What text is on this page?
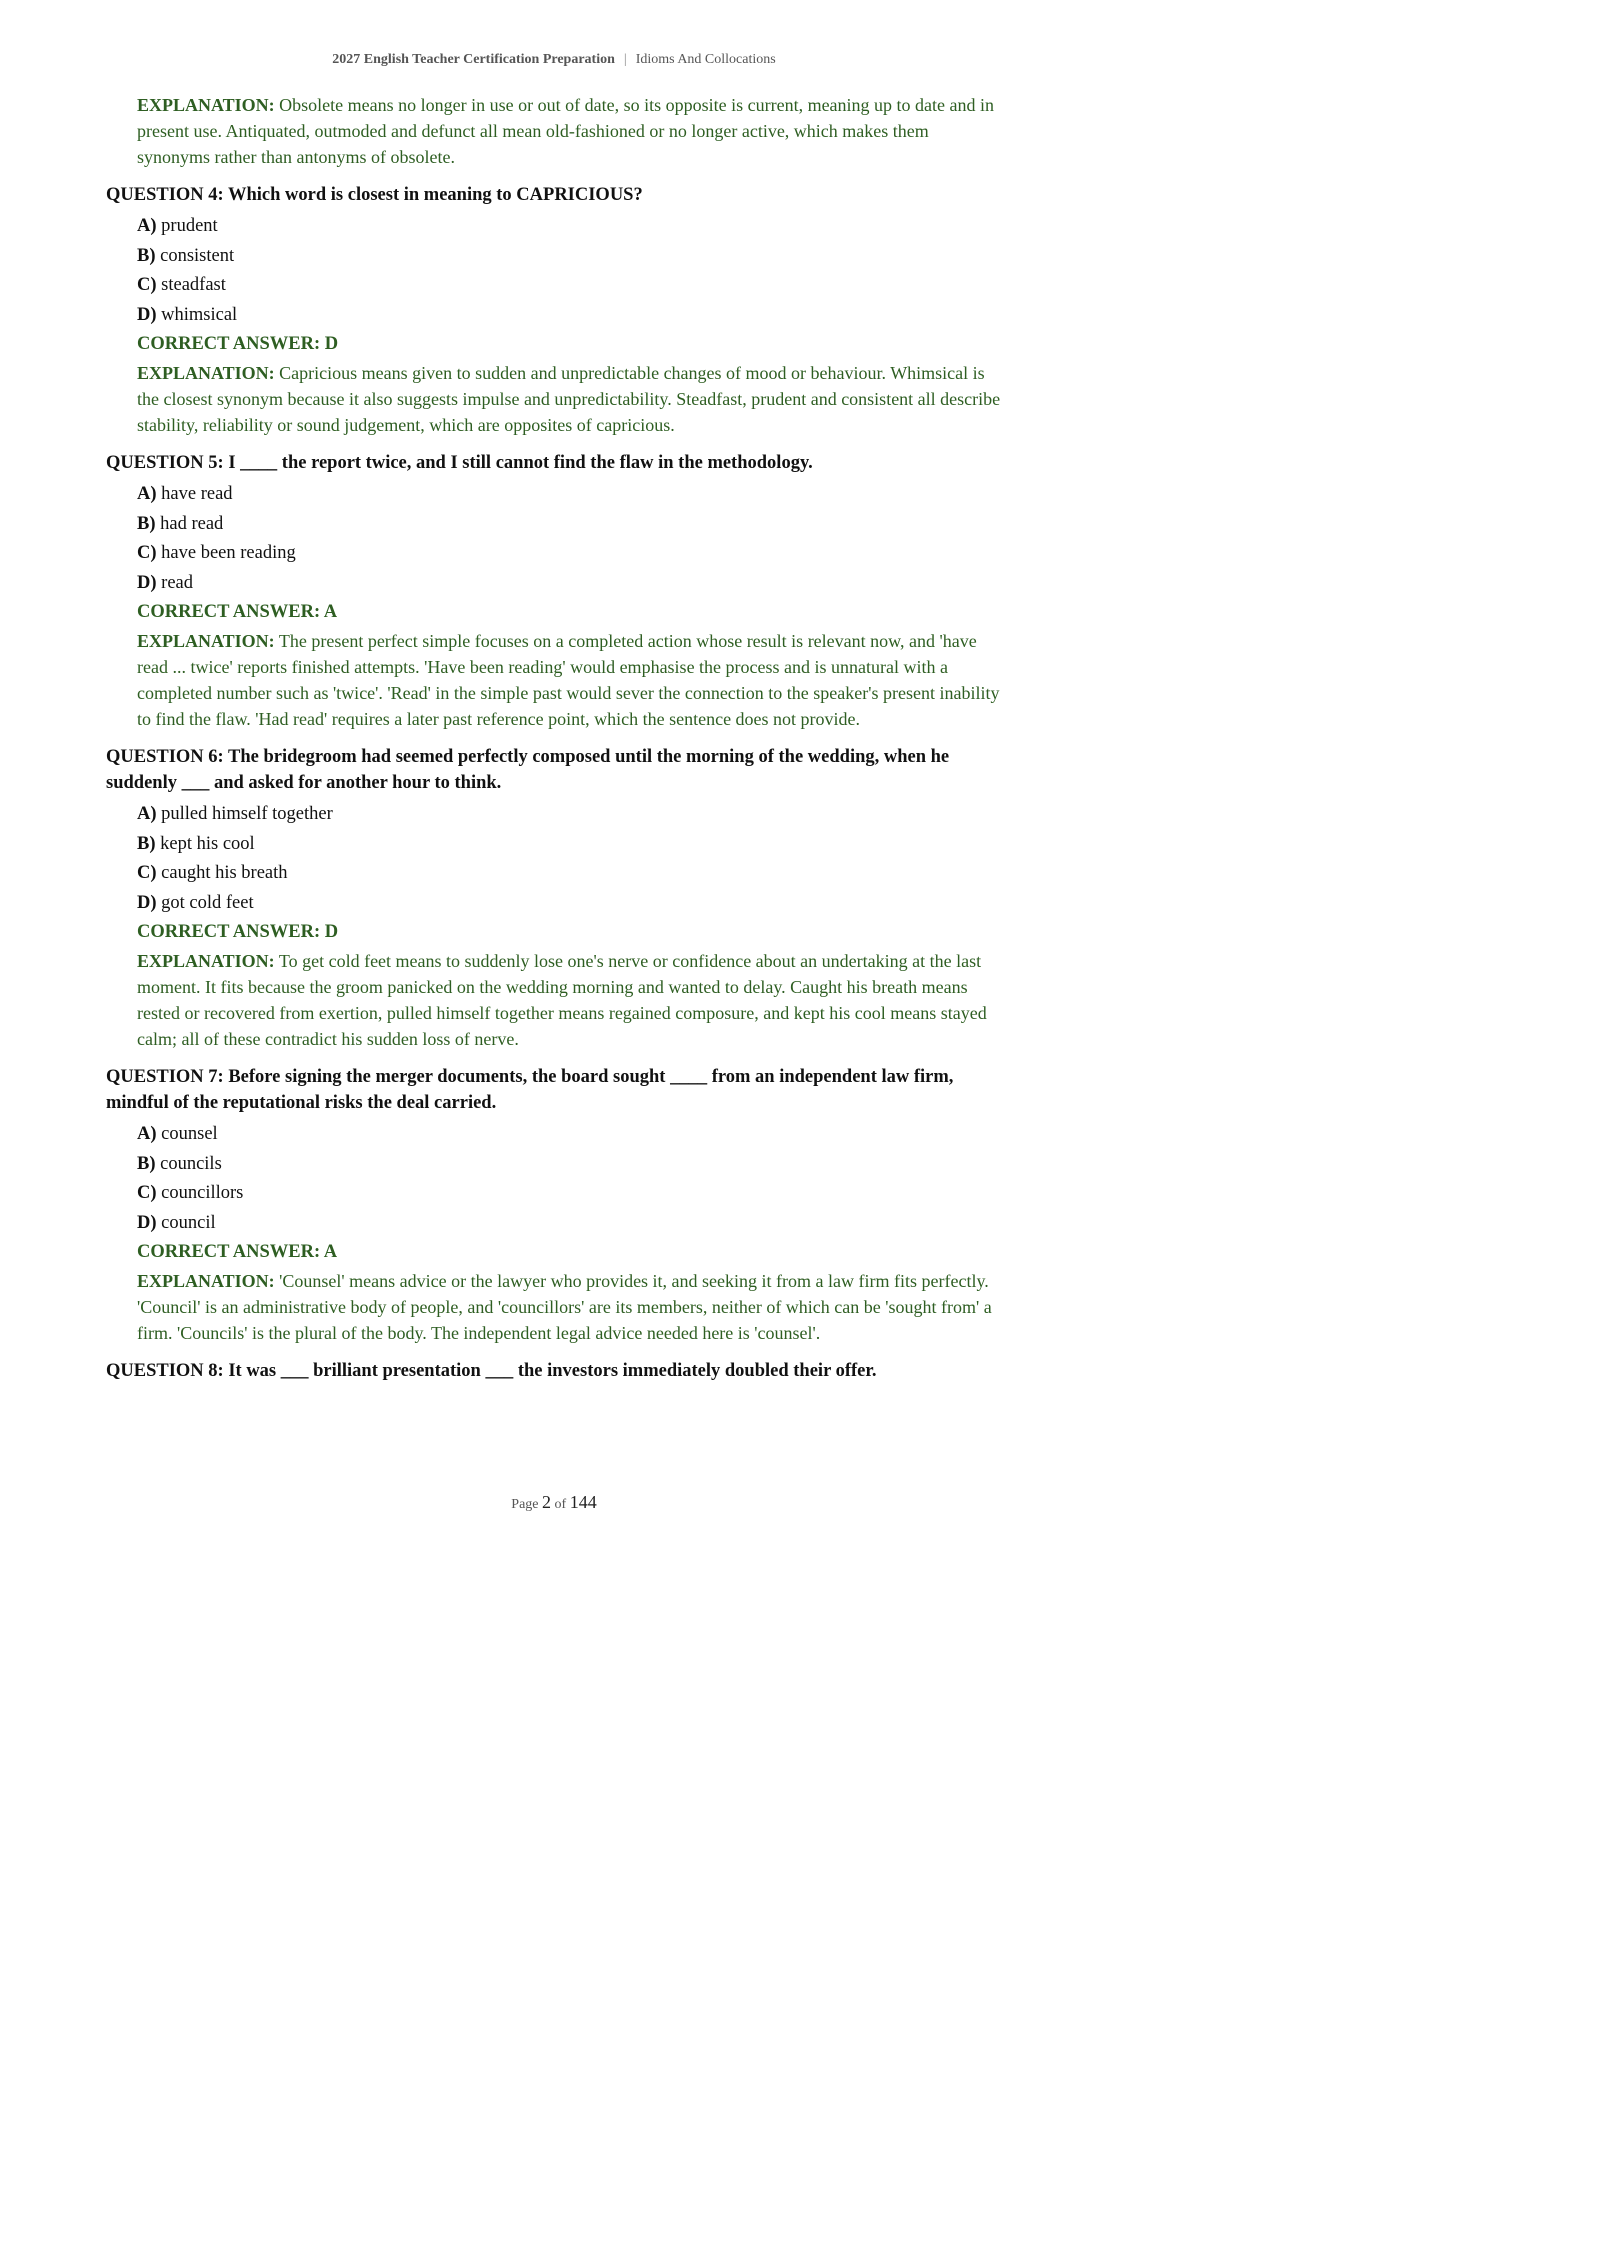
2027 English Teacher Certification Preparation | Idioms And Collocations
EXPLANATION: Obsolete means no longer in use or out of date, so its opposite is current, meaning up to date and in present use. Antiquated, outmoded and defunct all mean old-fashioned or no longer active, which makes them synonyms rather than antonyms of obsolete.
QUESTION 4: Which word is closest in meaning to CAPRICIOUS?
A) prudent
B) consistent
C) steadfast
D) whimsical
CORRECT ANSWER: D
EXPLANATION: Capricious means given to sudden and unpredictable changes of mood or behaviour. Whimsical is the closest synonym because it also suggests impulse and unpredictability. Steadfast, prudent and consistent all describe stability, reliability or sound judgement, which are opposites of capricious.
QUESTION 5: I ____ the report twice, and I still cannot find the flaw in the methodology.
A) have read
B) had read
C) have been reading
D) read
CORRECT ANSWER: A
EXPLANATION: The present perfect simple focuses on a completed action whose result is relevant now, and 'have read ... twice' reports finished attempts. 'Have been reading' would emphasise the process and is unnatural with a completed number such as 'twice'. 'Read' in the simple past would sever the connection to the speaker's present inability to find the flaw. 'Had read' requires a later past reference point, which the sentence does not provide.
QUESTION 6: The bridegroom had seemed perfectly composed until the morning of the wedding, when he suddenly ___ and asked for another hour to think.
A) pulled himself together
B) kept his cool
C) caught his breath
D) got cold feet
CORRECT ANSWER: D
EXPLANATION: To get cold feet means to suddenly lose one's nerve or confidence about an undertaking at the last moment. It fits because the groom panicked on the wedding morning and wanted to delay. Caught his breath means rested or recovered from exertion, pulled himself together means regained composure, and kept his cool means stayed calm; all of these contradict his sudden loss of nerve.
QUESTION 7: Before signing the merger documents, the board sought ____ from an independent law firm, mindful of the reputational risks the deal carried.
A) counsel
B) councils
C) councillors
D) council
CORRECT ANSWER: A
EXPLANATION: 'Counsel' means advice or the lawyer who provides it, and seeking it from a law firm fits perfectly. 'Council' is an administrative body of people, and 'councillors' are its members, neither of which can be 'sought from' a firm. 'Councils' is the plural of the body. The independent legal advice needed here is 'counsel'.
QUESTION 8: It was ___ brilliant presentation ___ the investors immediately doubled their offer.
Page 2 of 144
